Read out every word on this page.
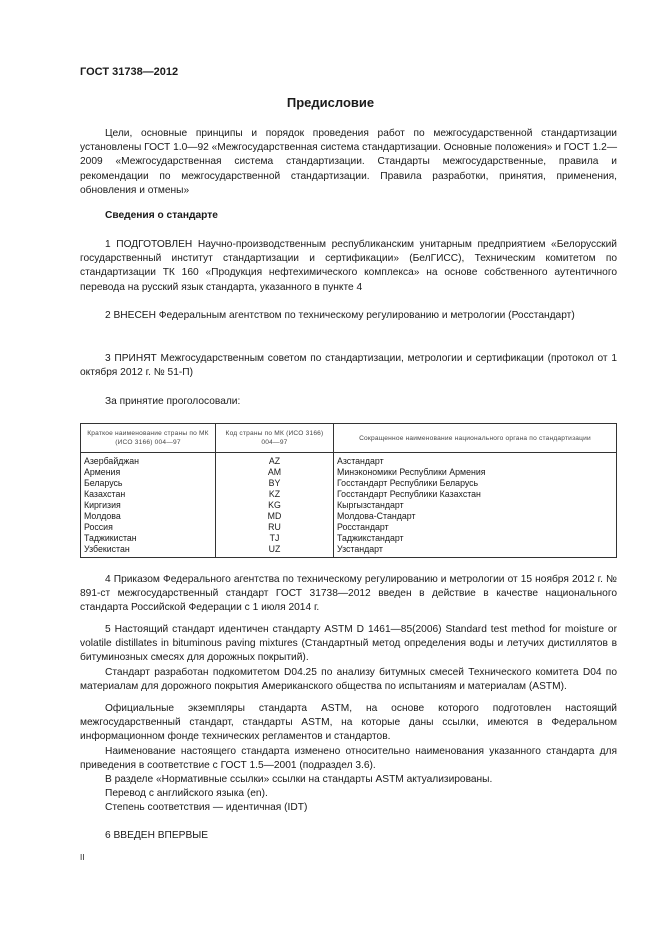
ГОСТ 31738—2012
Предисловие

Цели, основные принципы и порядок проведения работ по межгосударственной стандартизации установлены ГОСТ 1.0—92 «Межгосударственная система стандартизации. Основные положения» и ГОСТ 1.2—2009 «Межгосударственная система стандартизации. Стандарты межгосударственные, правила и рекомендации по межгосударственной стандартизации. Правила разработки, принятия, применения, обновления и отмены»

Сведения о стандарте

1 ПОДГОТОВЛЕН Научно-производственным республиканским унитарным предприятием «Белорусский государственный институт стандартизации и сертификации» (БелГИСС), Техническим комитетом по стандартизации ТК 160 «Продукция нефтехимического комплекса» на основе собственного аутентичного перевода на русский язык стандарта, указанного в пункте 4

2 ВНЕСЕН Федеральным агентством по техническому регулированию и метрологии (Росстандарт)

3 ПРИНЯТ Межгосударственным советом по стандартизации, метрологии и сертификации (протокол от 1 октября 2012 г. № 51-П)

За принятие проголосовали:

Краткое наименование страны по МК (ИСО 3166) 004—97	Код страны по МК (ИСО 3166) 004—97	Сокращенное наименование национального органа по стандартизации
Азербайджан	AZ	Азстандарт
Армения	AM	Минэкономики Республики Армения
Беларусь	BY	Госстандарт Республики Беларусь
Казахстан	KZ	Госстандарт Республики Казахстан
Киргизия	KG	Кыргызстандарт
Молдова	MD	Молдова-Стандарт
Россия	RU	Росстандарт
Таджикистан	TJ	Таджикстандарт
Узбекистан	UZ	Узстандарт

4 Приказом Федерального агентства по техническому регулированию и метрологии от 15 ноября 2012 г. № 891-ст межгосударственный стандарт ГОСТ 31738—2012 введен в действие в качестве национального стандарта Российской Федерации с 1 июля 2014 г.

5 Настоящий стандарт идентичен стандарту ASTM D 1461—85(2006) Standard test method for moisture or volatile distillates in bituminous paving mixtures (Стандартный метод определения воды и летучих дистиллятов в битуминозных смесях для дорожных покрытий).

Стандарт разработан подкомитетом D04.25 по анализу битумных смесей Технического комитета D04 по материалам для дорожного покрытия Американского общества по испытаниям и материалам (ASTM).

Официальные экземпляры стандарта ASTM, на основе которого подготовлен настоящий межгосударственный стандарт, стандарты ASTM, на которые даны ссылки, имеются в Федеральном информационном фонде технических регламентов и стандартов.

Наименование настоящего стандарта изменено относительно наименования указанного стандарта для приведения в соответствие с ГОСТ 1.5—2001 (подраздел 3.6).

В разделе «Нормативные ссылки» ссылки на стандарты ASTM актуализированы.

Перевод с английского языка (en).

Степень соответствия — идентичная (IDT)

6 ВВЕДЕН ВПЕРВЫЕ

II
